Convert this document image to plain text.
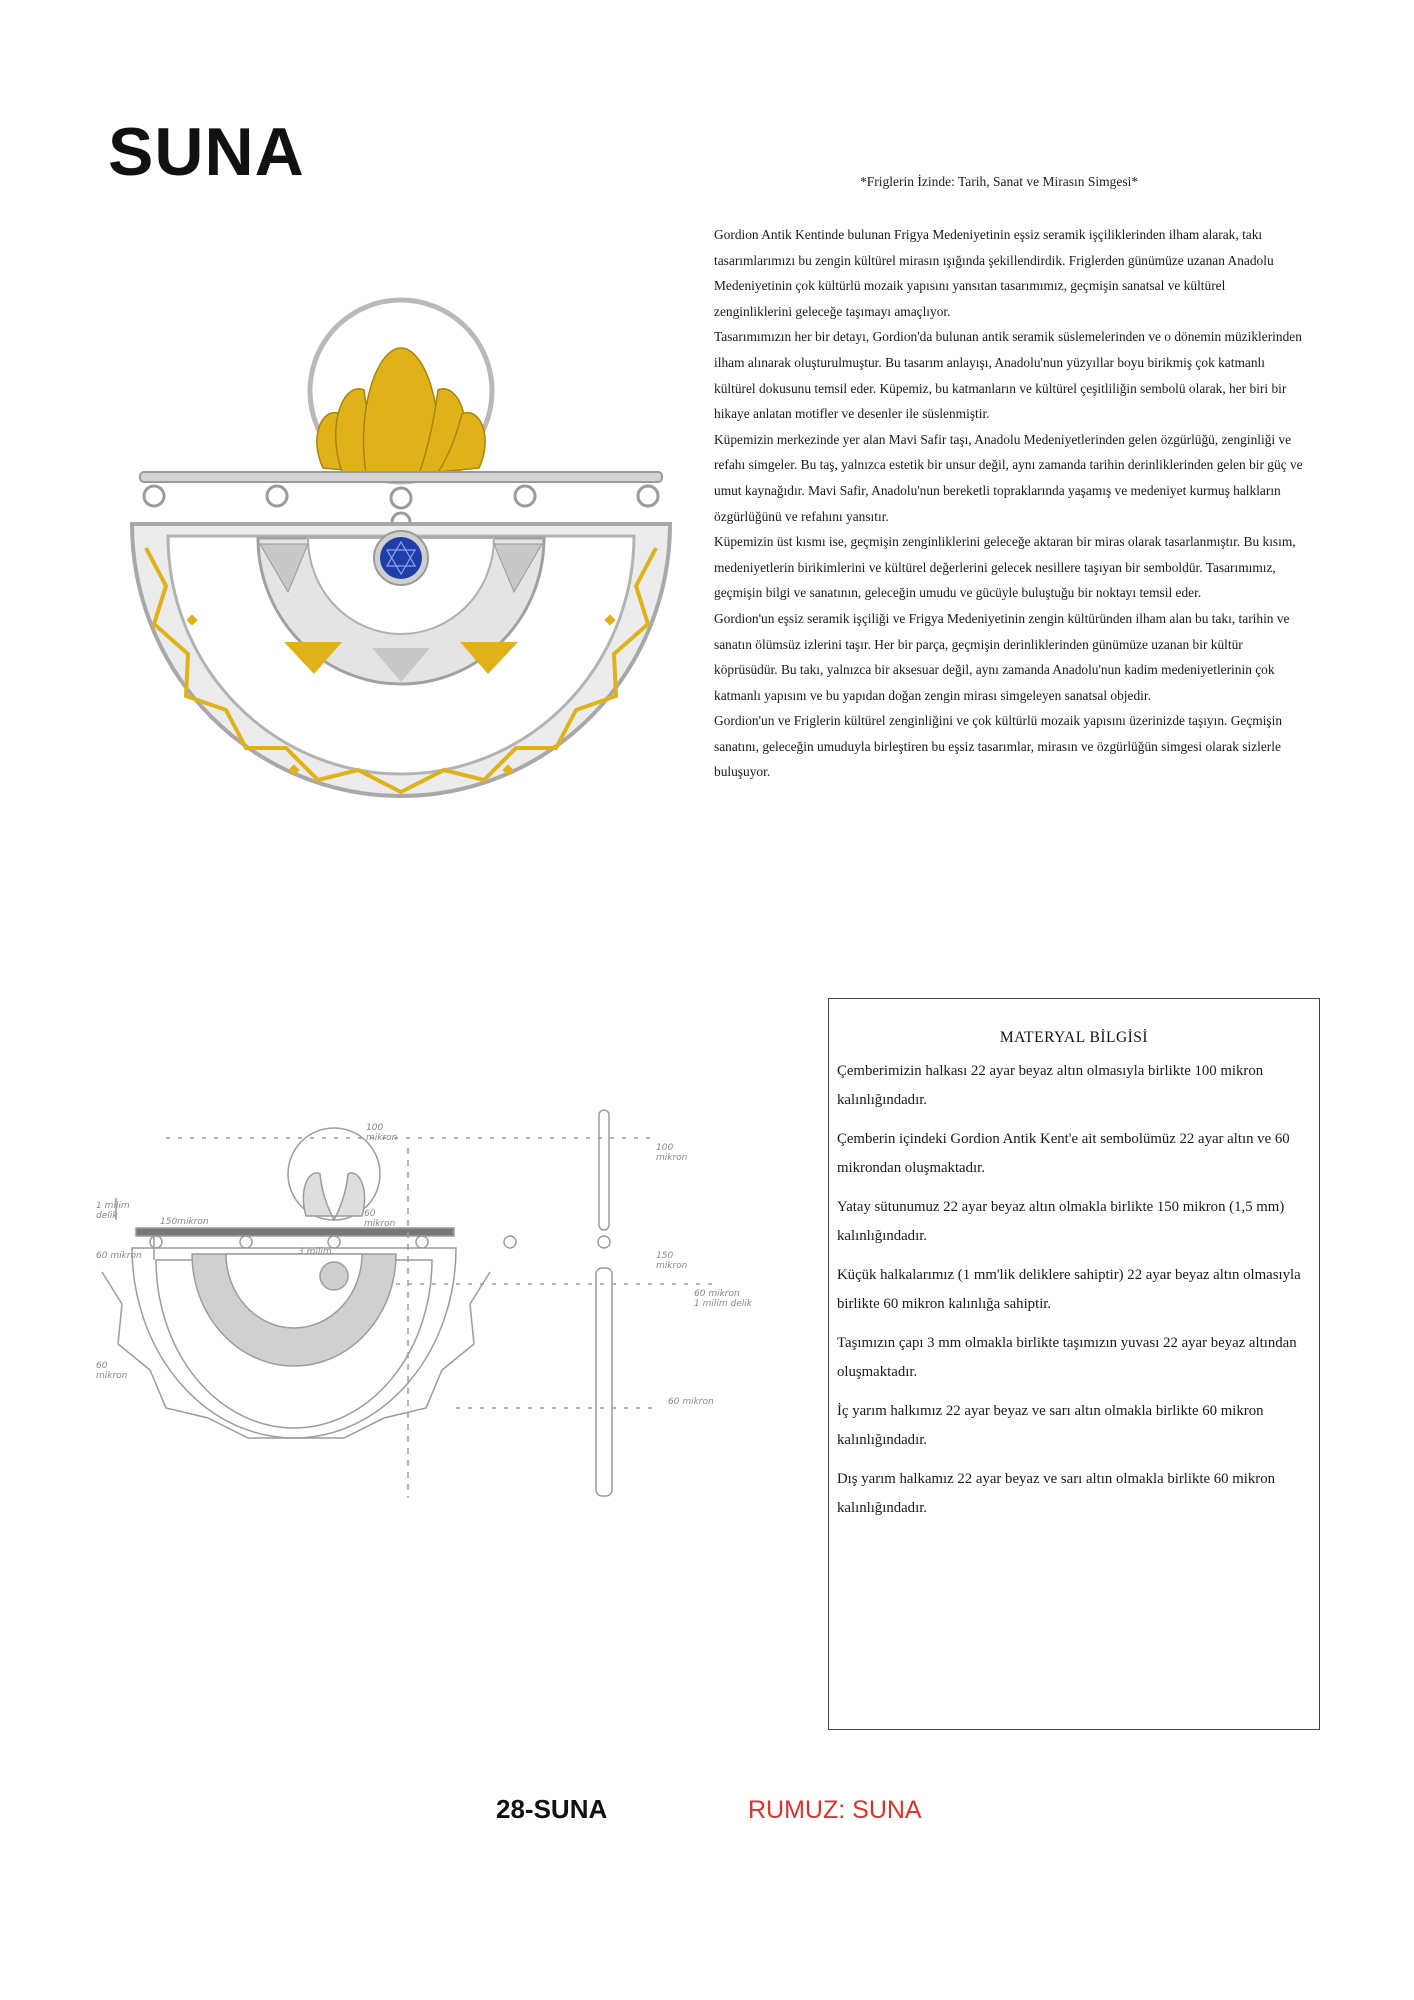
SUNA	*Friglerin İzinde: Tarih, Sanat ve Mirasın Simgesi*

Gordion Antik Kentinde bulunan Frigya Medeniyetinin eşsiz seramik işçiliklerinden ilham alarak, takı tasarımlarımızı bu zengin kültürel mirasın ışığında şekillendirdik. Friglerden günümüze uzanan Anadolu Medeniyetinin çok kültürlü mozaik yapısını yansıtan tasarımımız, geçmişin sanatsal ve kültürel zenginliklerini geleceğe taşımayı amaçlıyor.

Tasarımımızın her bir detayı, Gordion'da bulunan antik seramik süslemelerinden ve o dönemin müziklerinden ilham alınarak oluşturulmuştur. Bu tasarım anlayışı, Anadolu'nun yüzyıllar boyu birikmiş çok katmanlı kültürel dokusunu temsil eder. Küpemiz, bu katmanların ve kültürel çeşitliliğin sembolü olarak, her biri bir hikaye anlatan motifler ve desenler ile süslenmiştir.

Küpemizin merkezinde yer alan Mavi Safir taşı, Anadolu Medeniyetlerinden gelen özgürlüğü, zenginliği ve refahı simgeler. Bu taş, yalnızca estetik bir unsur değil, aynı zamanda tarihin derinliklerinden gelen bir güç ve umut kaynağıdır. Mavi Safir, Anadolu'nun bereketli topraklarında yaşamış ve medeniyet kurmuş halkların özgürlüğünü ve refahını yansıtır.

Küpemizin üst kısmı ise, geçmişin zenginliklerini geleceğe aktaran bir miras olarak tasarlanmıştır. Bu kısım, medeniyetlerin birikimlerini ve kültürel değerlerini gelecek nesillere taşıyan bir semboldür. Tasarımımız, geçmişin bilgi ve sanatının, geleceğin umudu ve gücüyle buluştuğu bir noktayı temsil eder.

Gordion'un eşsiz seramik işçiliği ve Frigya Medeniyetinin zengin kültüründen ilham alan bu takı, tarihin ve sanatın ölümsüz izlerini taşır. Her bir parça, geçmişin derinliklerinden günümüze uzanan bir kültür köprüsüdür. Bu takı, yalnızca bir aksesuar değil, aynı zamanda Anadolu'nun kadim medeniyetlerinin çok katmanlı yapısını ve bu yapıdan doğan zengin mirası simgeleyen sanatsal objedir.

Gordion'un ve Friglerin kültürel zenginliğini ve çok kültürlü mozaik yapısını üzerinizde taşıyın. Geçmişin sanatını, geleceğin umuduyla birleştiren bu eşsiz tasarımlar, mirasın ve özgürlüğün simgesi olarak sizlerle buluşuyor.

100
mikron
1 milim
delik
150mikron
60 mikron
60
mikron
3 milim
100
mikron
150
mikron
60 mikron
1 milim delik
60
mikron
60 mikron
MATERYAL BİLGİSİ
Çemberimizin halkası 22 ayar beyaz altın olmasıyla birlikte 100 mikron kalınlığındadır.
Çemberin içindeki Gordion Antik Kent'e ait sembolümüz 22 ayar altın ve 60 mikrondan oluşmaktadır.
Yatay sütunumuz 22 ayar beyaz altın olmakla birlikte 150 mikron (1,5 mm) kalınlığındadır.
Küçük halkalarımız (1 mm'lik deliklere sahiptir) 22 ayar beyaz altın olmasıyla birlikte 60 mikron kalınlığa sahiptir.
Taşımızın çapı 3 mm olmakla birlikte taşımızın yuvası 22 ayar beyaz altından oluşmaktadır.
İç yarım halkımız 22 ayar beyaz ve sarı altın olmakla birlikte 60 mikron kalınlığındadır.
Dış yarım halkamız 22 ayar beyaz ve sarı altın olmakla birlikte 60 mikron kalınlığındadır.
28-SUNA	RUMUZ: SUNA
